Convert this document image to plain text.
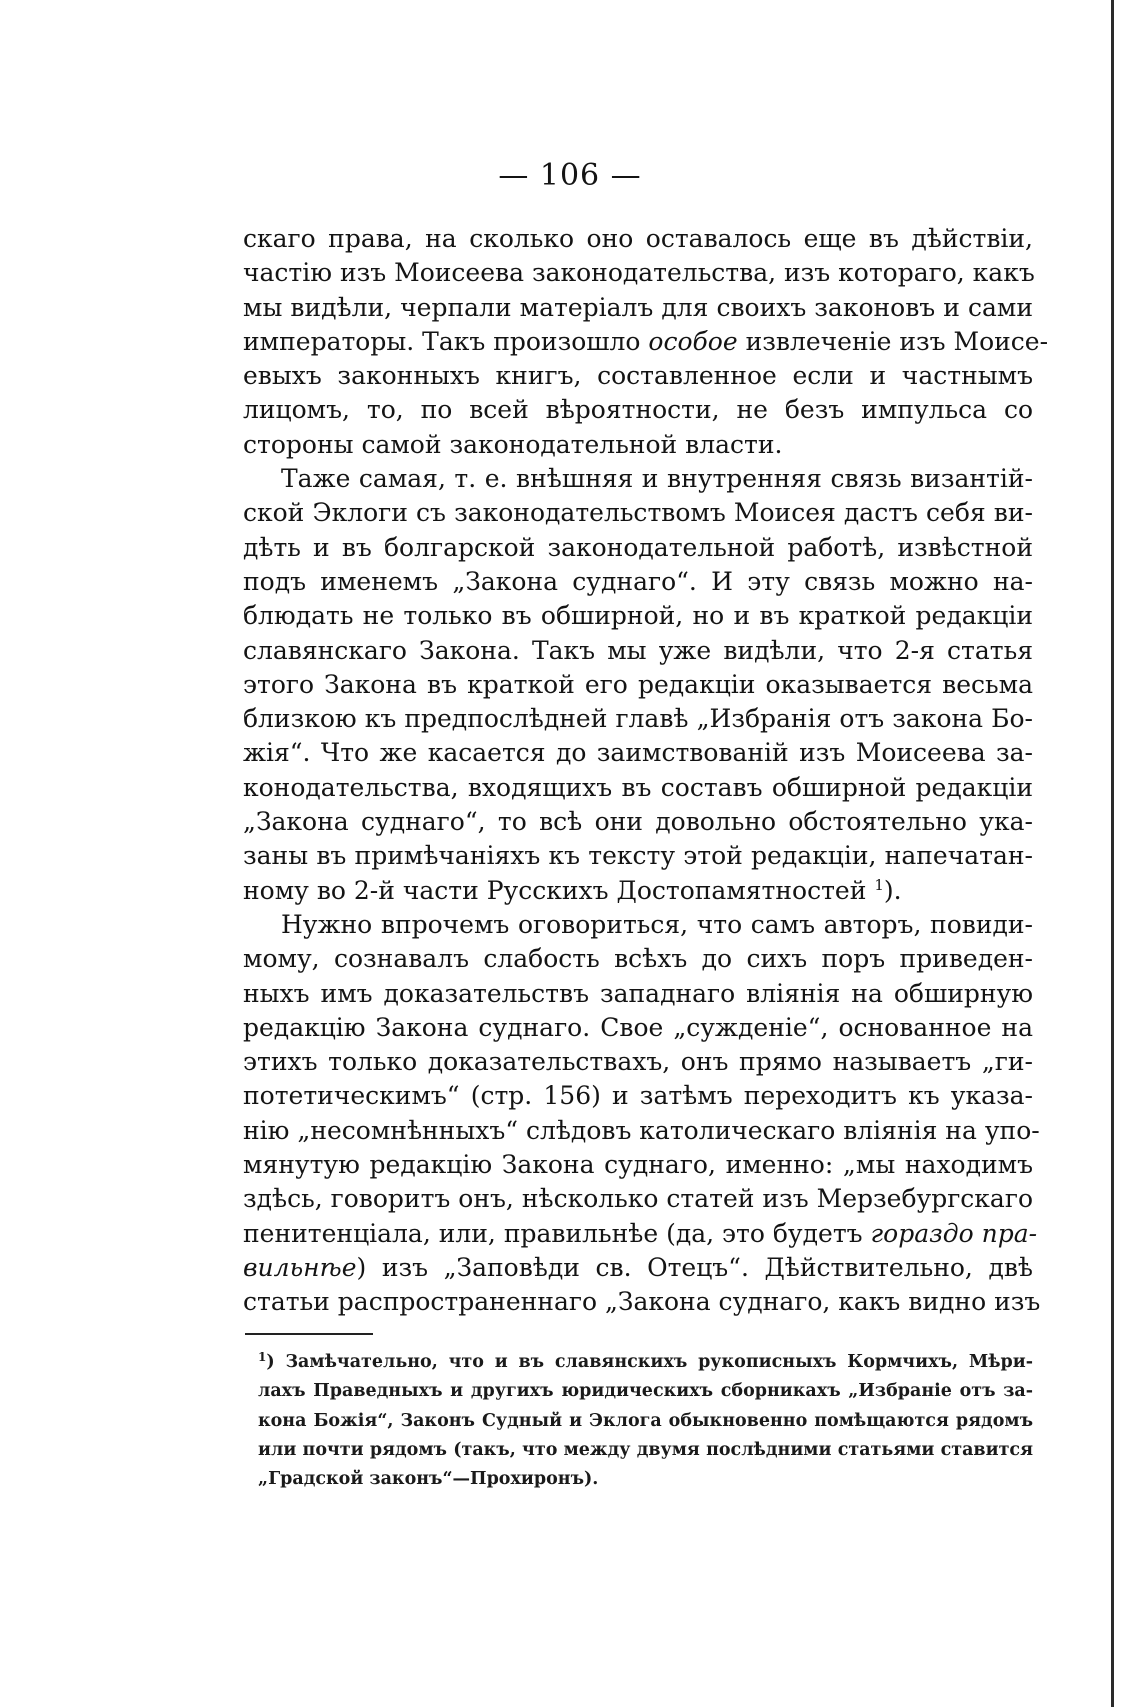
— 106 —

скаго права, на сколько оно оставалось еще въ дѣйствіи,
частію изъ Моисеева законодательства, изъ котораго, какъ
мы видѣли, черпали матеріалъ для своихъ законовъ и сами
императоры. Такъ произошло особое извлеченіе изъ Моисе-
евыхъ законныхъ книгъ, составленное если и частнымъ
лицомъ, то, по всей вѣроятности, не безъ импульса со
стороны самой законодательной власти.
Таже самая, т. е. внѣшняя и внутренняя связь византій-
ской Эклоги съ законодательствомъ Моисея дастъ себя ви-
дѣть и въ болгарской законодательной работѣ, извѣстной
подъ именемъ „Закона суднаго“. И эту связь можно на-
блюдать не только въ обширной, но и въ краткой редакціи
славянскаго Закона. Такъ мы уже видѣли, что 2-я статья
этого Закона въ краткой его редакціи оказывается весьма
близкою къ предпослѣдней главѣ „Избранія отъ закона Бо-
жія“. Что же касается до заимствованій изъ Моисеева за-
конодательства, входящихъ въ составъ обширной редакціи
„Закона суднаго“, то всѣ они довольно обстоятельно ука-
заны въ примѣчаніяхъ къ тексту этой редакціи, напечатан-
ному во 2-й части Русскихъ Достопамятностей $^1$).
Нужно впрочемъ оговориться, что самъ авторъ, повиди-
мому, сознавалъ слабость всѣхъ до сихъ поръ приведен-
ныхъ имъ доказательствъ западнаго вліянія на обширную
редакцію Закона суднаго. Свое „сужденіе“, основанное на
этихъ только доказательствахъ, онъ прямо называетъ „ги-
потетическимъ“ (стр. 156) и затѣмъ переходитъ къ указа-
нію „несомнѣнныхъ“ слѣдовъ католическаго вліянія на упо-
мянутую редакцію Закона суднаго, именно: „мы находимъ
здѣсь, говоритъ онъ, нѣсколько статей изъ Мерзебургскаго
пенитенціала, или, правильнѣе (да, это будетъ гораздо пра-
вильнѣе) изъ „Заповѣди св. Отецъ“. Дѣйствительно, двѣ
статьи распространеннаго „Закона суднаго, какъ видно изъ
$^1$) Замѣчательно, что и въ славянскихъ рукописныхъ Кормчихъ, Мѣри-
лахъ Праведныхъ и другихъ юридическихъ сборникахъ „Избраніе отъ за-
кона Божія“, Законъ Судный и Эклога обыкновенно помѣщаются рядомъ
или почти рядомъ (такъ, что между двумя послѣдними статьями ставится
„Градской законъ“—Прохиронъ).
